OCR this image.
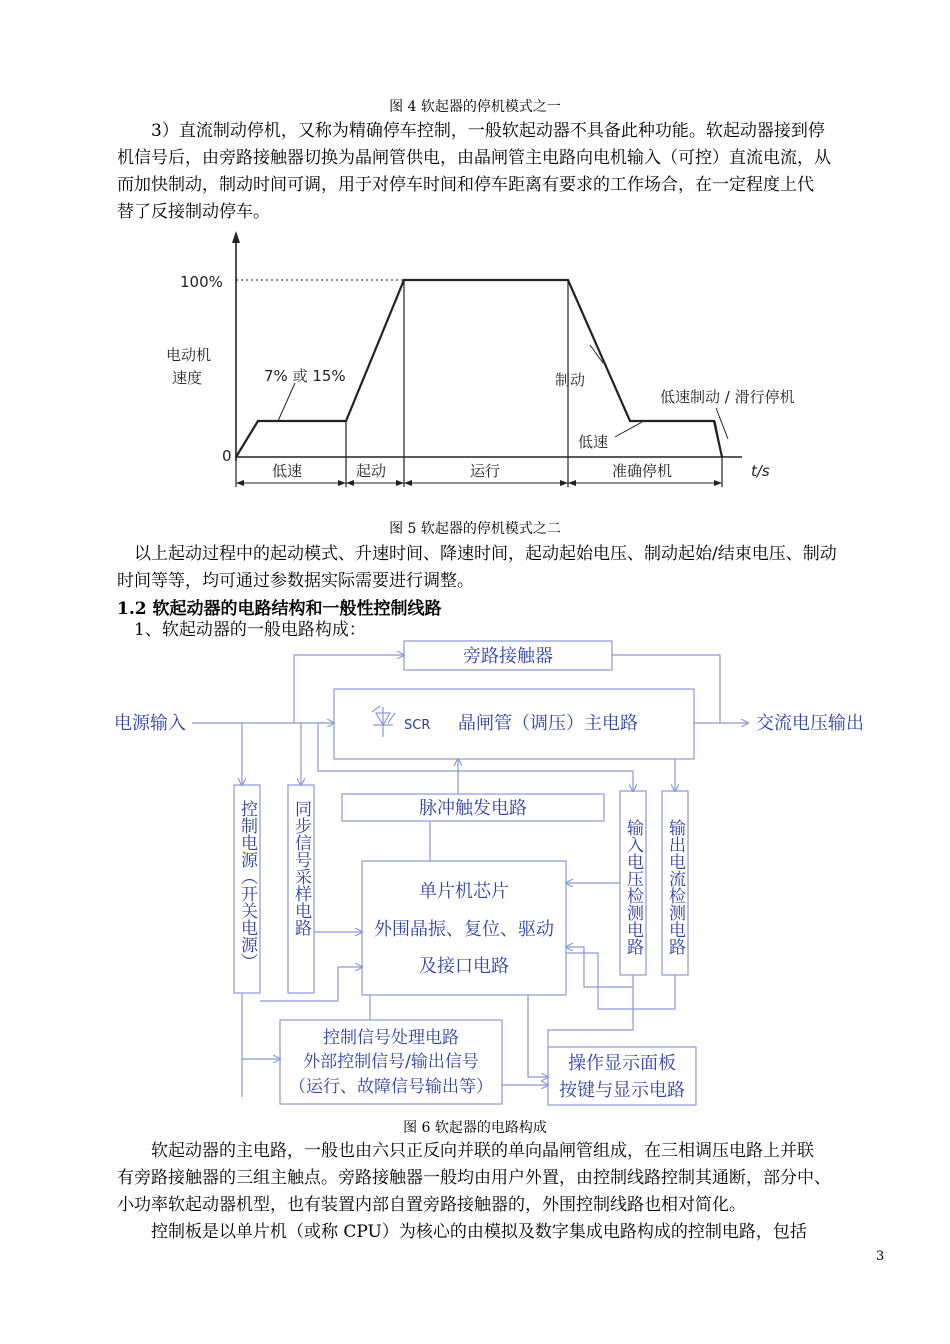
图 4 软起器的停机模式之一
3）直流制动停机，又称为精确停车控制，一般软起动器不具备此种功能。软起动器接到停
机信号后，由旁路接触器切换为晶闸管供电，由晶闸管主电路向电机输入（可控）直流电流，从
而加快制动，制动时间可调，用于对停车时间和停车距离有要求的工作场合，在一定程度上代
替了反接制动停车。
100%
电动机
速度
0
7% 或 15%	制动
低速
低速制动 / 滑行停机
t/s
低速	起动	运行	准确停机
图 5 软起器的停机模式之二
以上起动过程中的起动模式、升速时间、降速时间，起动起始电压、制动起始/结束电压、制动
时间等等，均可通过参数据实际需要进行调整。
1.2 软起动器的电路结构和一般性控制线路
1、软起动器的一般电路构成：
旁路接触器
电源输入	SCR 晶闸管（调压）主电路	交流电压输出
脉冲触发电路
单片机芯片
外围晶振、复位、驱动
及接口电路
控制信号处理电路
外部控制信号/输出信号
（运行、故障信号输出等）
操作显示面板
按键与显示电路
控制电源（开关电源） 同步信号采样电路	输入电压检测电路 输出电流检测电路
图 6 软起器的电路构成
软起动器的主电路，一般也由六只正反向并联的单向晶闸管组成，在三相调压电路上并联
有旁路接触器的三组主触点。旁路接触器一般均由用户外置，由控制线路控制其通断，部分中、
小功率软起动器机型，也有装置内部自置旁路接触器的，外围控制线路也相对简化。
控制板是以单片机（或称 CPU）为核心的由模拟及数字集成电路构成的控制电路，包括
3
